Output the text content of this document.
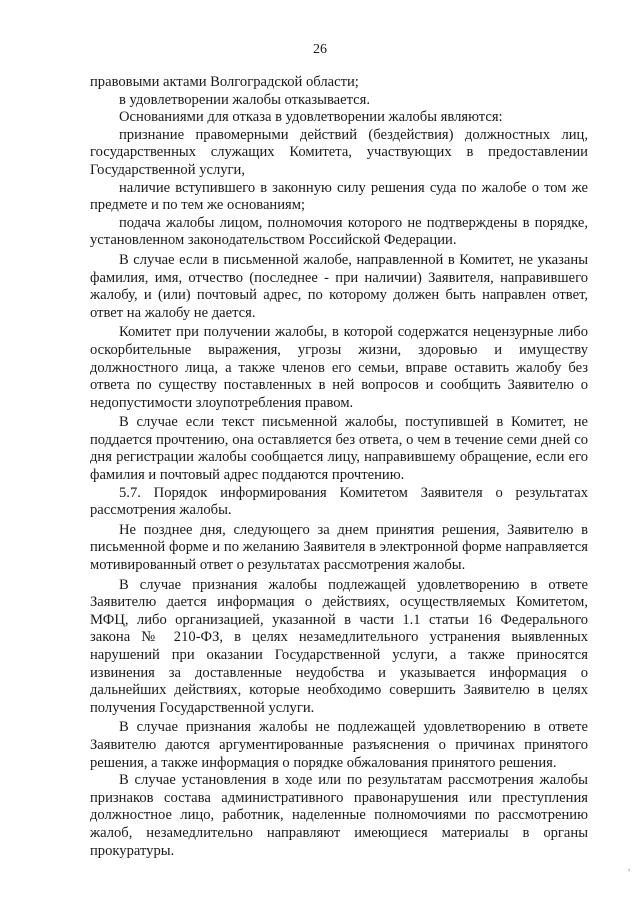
26

правовыми актами Волгоградской области;

в удовлетворении жалобы отказывается.

Основаниями для отказа в удовлетворении жалобы являются:

признание правомерными действий (бездействия) должностных лиц, государственных служащих Комитета, участвующих в предоставлении Государственной услуги,

наличие вступившего в законную силу решения суда по жалобе о том же предмете и по тем же основаниям;

подача жалобы лицом, полномочия которого не подтверждены в порядке, установленном законодательством Российской Федерации.

В случае если в письменной жалобе, направленной в Комитет, не указаны фамилия, имя, отчество (последнее - при наличии) Заявителя, направившего жалобу, и (или) почтовый адрес, по которому должен быть направлен ответ, ответ на жалобу не дается.

Комитет при получении жалобы, в которой содержатся нецензурные либо оскорбительные выражения, угрозы жизни, здоровью и имуществу должностного лица, а также членов его семьи, вправе оставить жалобу без ответа по существу поставленных в ней вопросов и сообщить Заявителю о недопустимости злоупотребления правом.

В случае если текст письменной жалобы, поступившей в Комитет, не поддается прочтению, она оставляется без ответа, о чем в течение семи дней со дня регистрации жалобы сообщается лицу, направившему обращение, если его фамилия и почтовый адрес поддаются прочтению.

5.7. Порядок информирования Комитетом Заявителя о результатах рассмотрения жалобы.

Не позднее дня, следующего за днем принятия решения, Заявителю в письменной форме и по желанию Заявителя в электронной форме направляется мотивированный ответ о результатах рассмотрения жалобы.

В случае признания жалобы подлежащей удовлетворению в ответе Заявителю дается информация о действиях, осуществляемых Комитетом, МФЦ, либо организацией, указанной в части 1.1 статьи 16 Федерального закона № 210-ФЗ, в целях незамедлительного устранения выявленных нарушений при оказании Государственной услуги, а также приносятся извинения за доставленные неудобства и указывается информация о дальнейших действиях, которые необходимо совершить Заявителю в целях получения Государственной услуги.

В случае признания жалобы не подлежащей удовлетворению в ответе Заявителю даются аргументированные разъяснения о причинах принятого решения, а также информация о порядке обжалования принятого решения.

В случае установления в ходе или по результатам рассмотрения жалобы признаков состава административного правонарушения или преступления должностное лицо, работник, наделенные полномочиями по рассмотрению жалоб, незамедлительно направляют имеющиеся материалы в органы прокуратуры.

,
